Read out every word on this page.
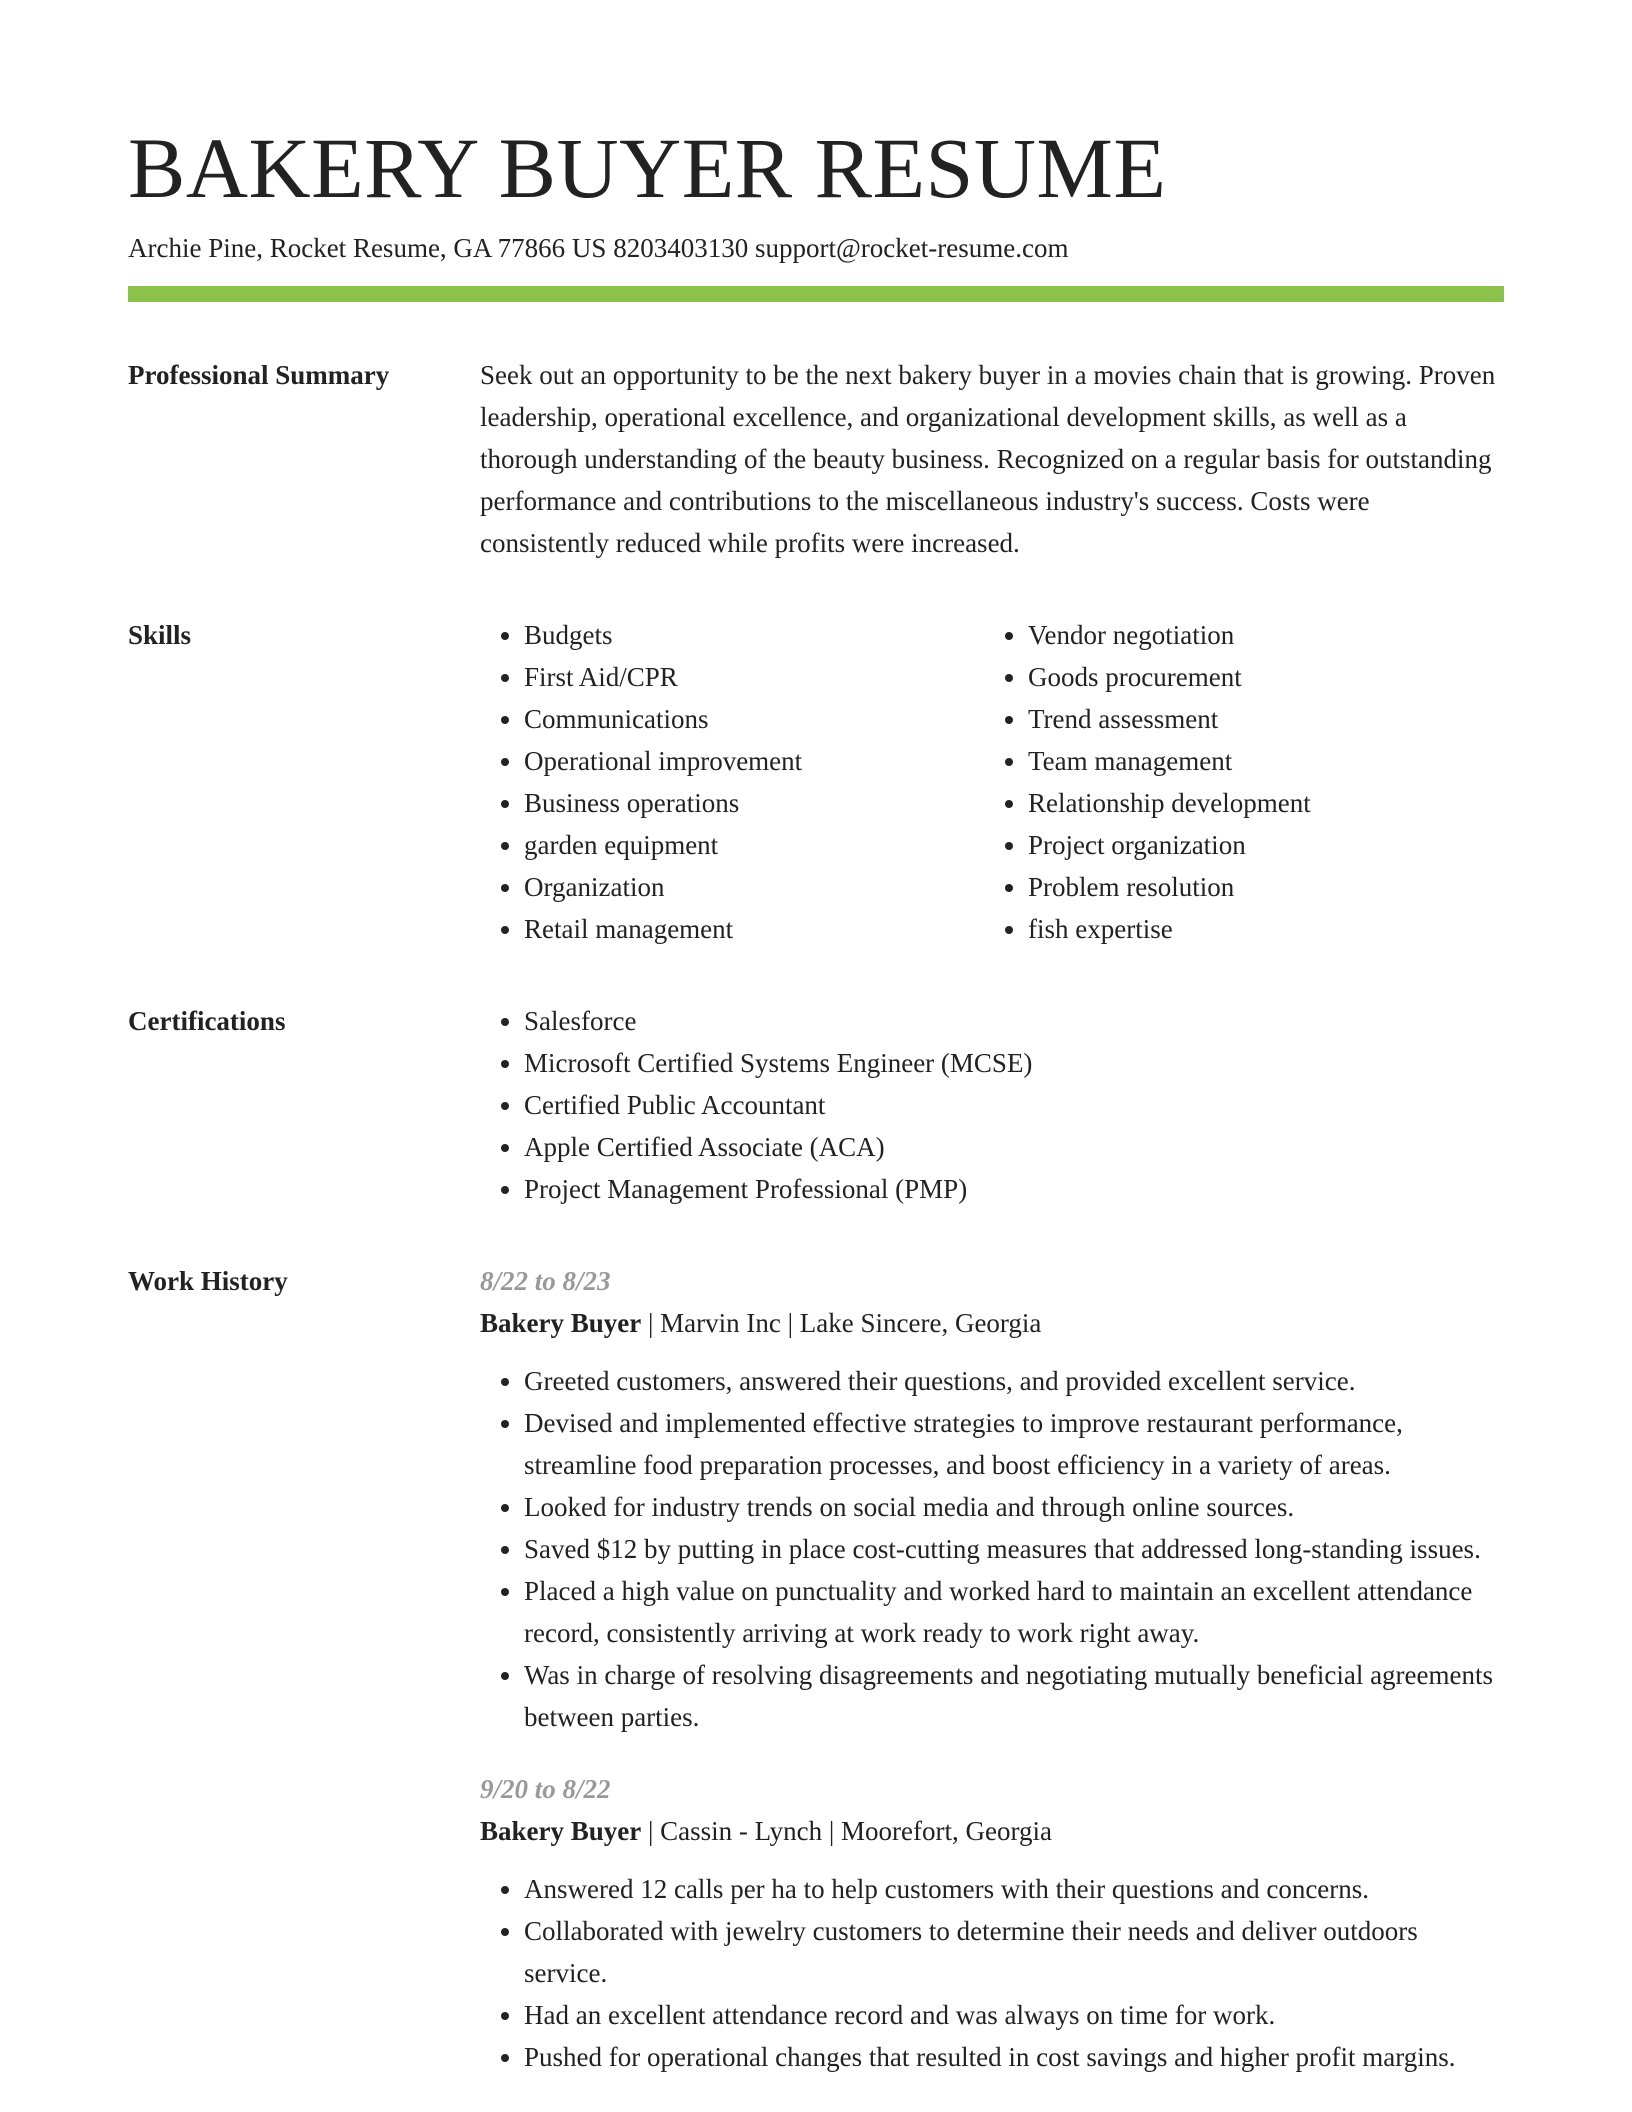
BAKERY BUYER RESUME
Archie Pine, Rocket Resume, GA 77866 US 8203403130 support@rocket-resume.com
Professional Summary	Seek out an opportunity to be the next bakery buyer in a movies chain that is growing. Proven leadership, operational excellence, and organizational development skills, as well as a thorough understanding of the beauty business. Recognized on a regular basis for outstanding performance and contributions to the miscellaneous industry's success. Costs were consistently reduced while profits were increased.

Skills	• Budgets
• First Aid/CPR
• Communications
• Operational improvement
• Business operations
• garden equipment
• Organization
• Retail management
• Vendor negotiation
• Goods procurement
• Trend assessment
• Team management
• Relationship development
• Project organization
• Problem resolution
• fish expertise
Certifications	• Salesforce
• Microsoft Certified Systems Engineer (MCSE)
• Certified Public Accountant
• Apple Certified Associate (ACA)
• Project Management Professional (PMP)
Work History	8/22 to 8/23
Bakery Buyer | Marvin Inc | Lake Sincere, Georgia
• Greeted customers, answered their questions, and provided excellent service.
• Devised and implemented effective strategies to improve restaurant performance, streamline food preparation processes, and boost efficiency in a variety of areas.
• Looked for industry trends on social media and through online sources.
• Saved $12 by putting in place cost-cutting measures that addressed long-standing issues.
• Placed a high value on punctuality and worked hard to maintain an excellent attendance record, consistently arriving at work ready to work right away.
• Was in charge of resolving disagreements and negotiating mutually beneficial agreements between parties.
9/20 to 8/22
Bakery Buyer | Cassin - Lynch | Moorefort, Georgia
• Answered 12 calls per ha to help customers with their questions and concerns.
• Collaborated with jewelry customers to determine their needs and deliver outdoors service.
• Had an excellent attendance record and was always on time for work.
• Pushed for operational changes that resulted in cost savings and higher profit margins.
